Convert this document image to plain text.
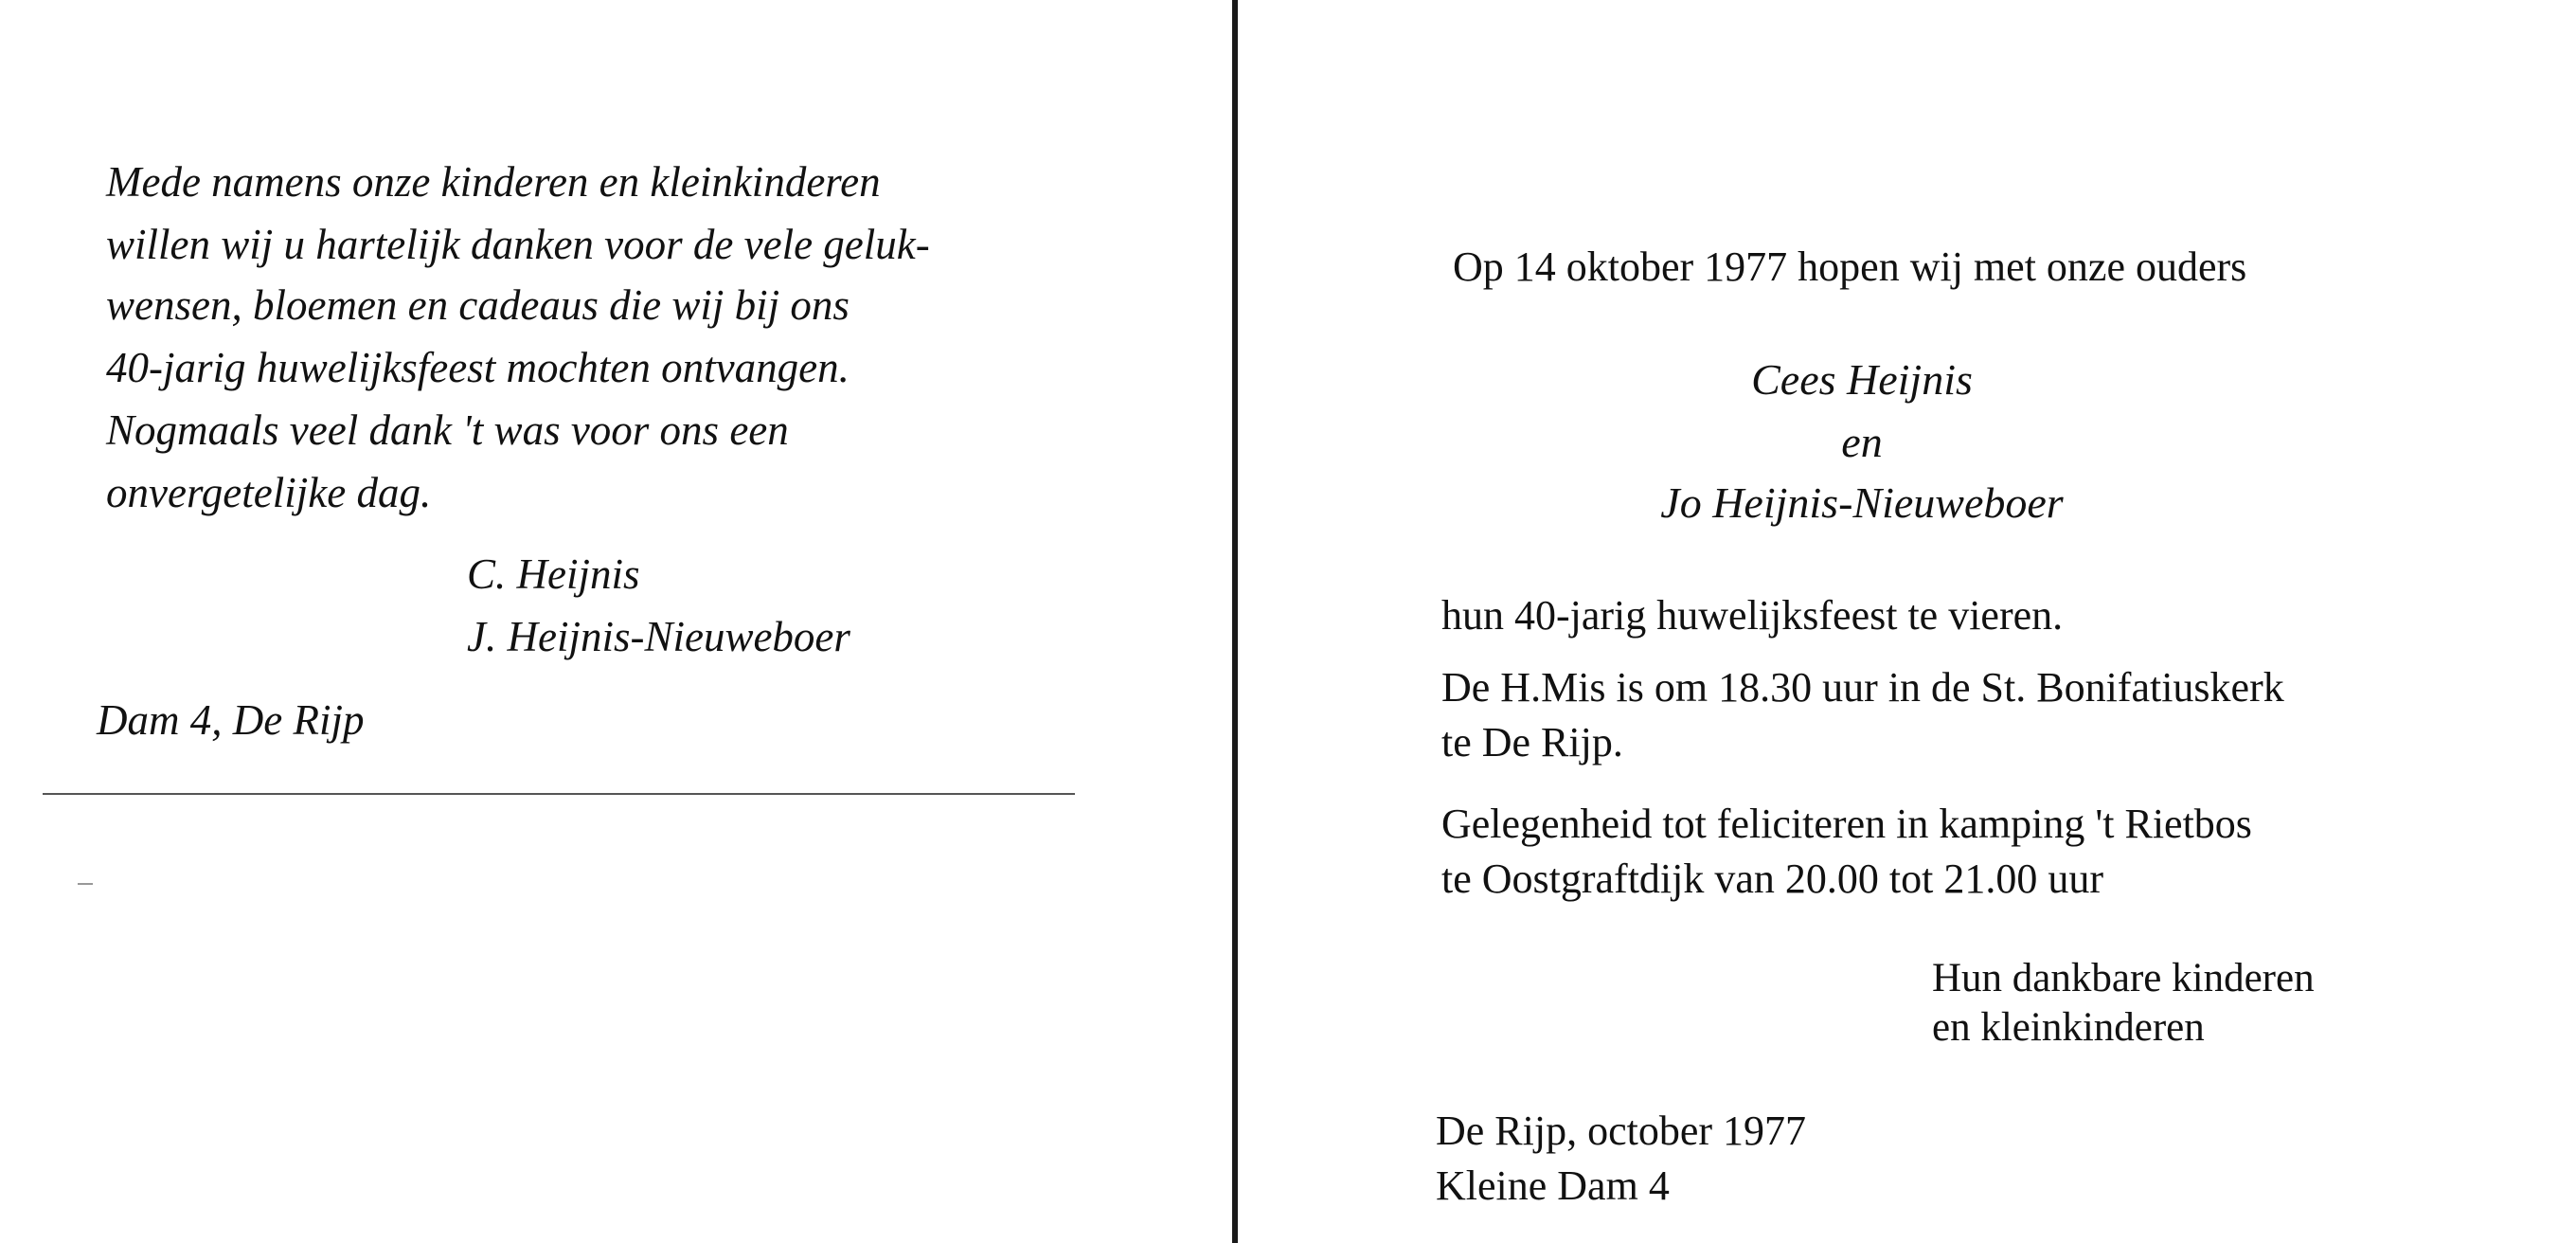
Mede namens onze kinderen en kleinkinderen

willen wij u hartelijk danken voor de vele geluk-

wensen, bloemen en cadeaus die wij bij ons

40-jarig huwelijksfeest mochten ontvangen.

Nogmaals veel dank 't was voor ons een

onvergetelijke dag.

C. Heijnis

J. Heijnis-Nieuweboer

Dam 4, De Rijp

Op 14 oktober 1977 hopen wij met onze ouders

Cees Heijnis

en

Jo Heijnis-Nieuweboer

hun 40-jarig huwelijksfeest te vieren.

De H.Mis is om 18.30 uur in de St. Bonifatiuskerk

te De Rijp.

Gelegenheid tot feliciteren in kamping 't Rietbos

te Oostgraftdijk van 20.00 tot 21.00 uur

Hun dankbare kinderen

en kleinkinderen

De Rijp, october 1977

Kleine Dam 4
